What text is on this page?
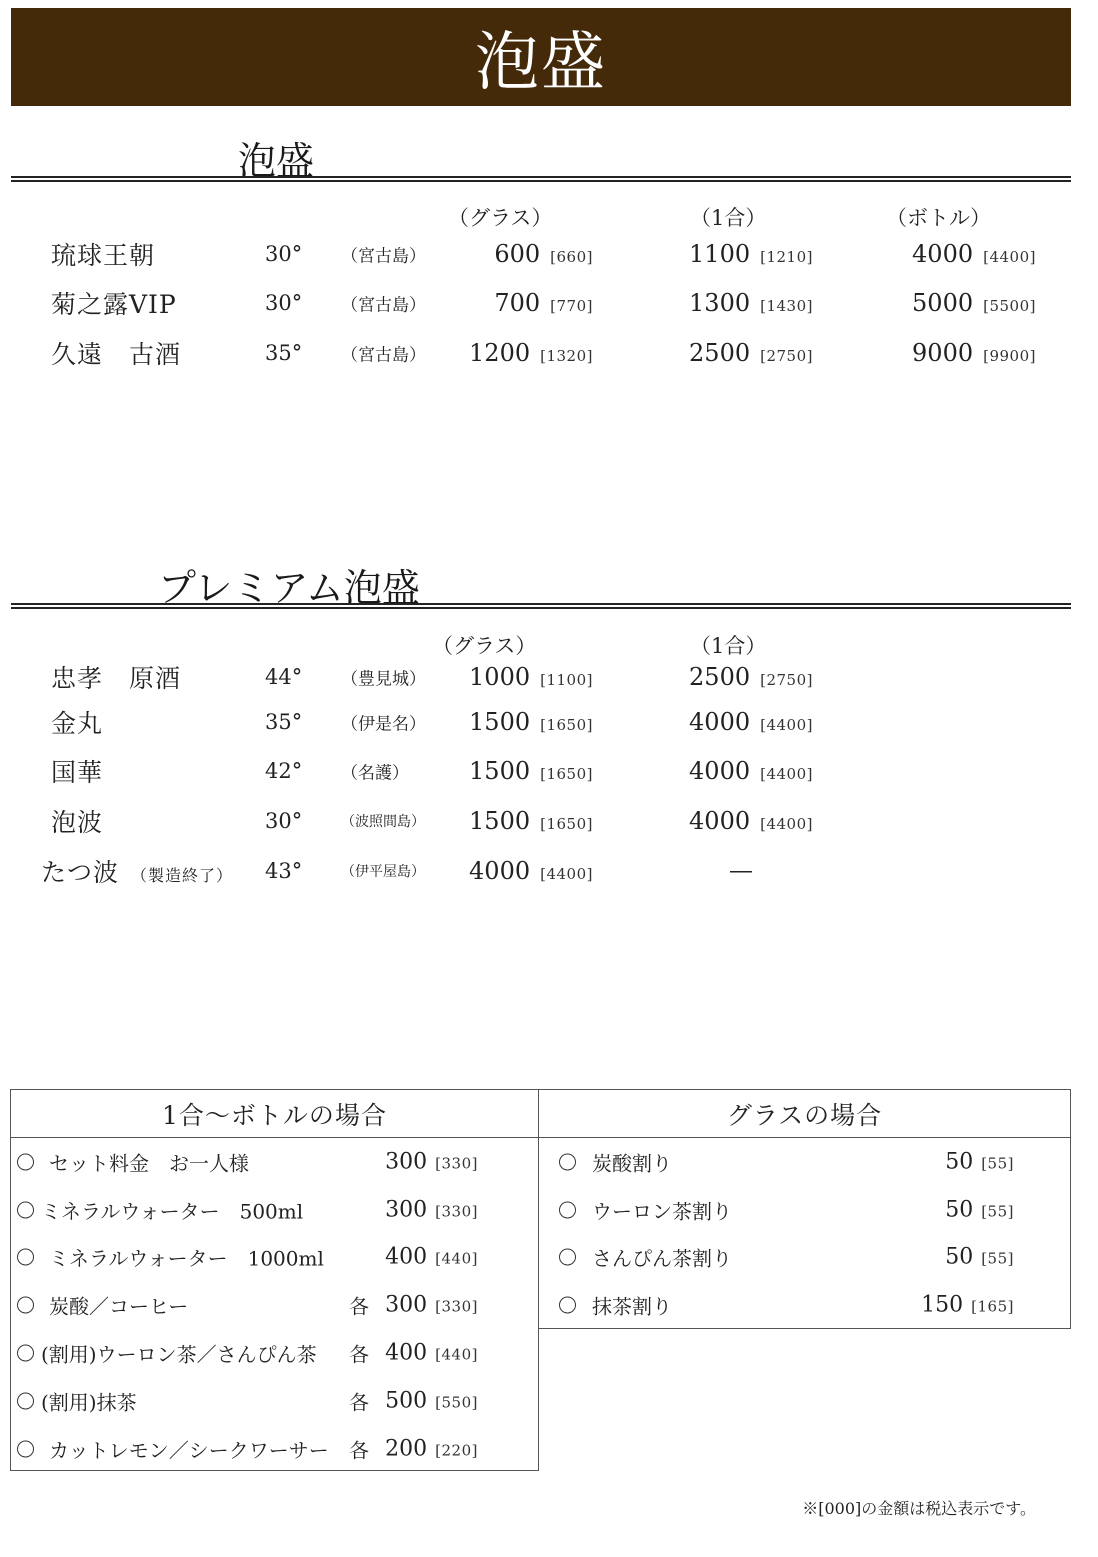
泡盛
泡盛
（グラス）	（1合）	（ボトル）
琉球王朝	30° （宮古島）	600 [660]	1100 [1210]	4000 [4400]
菊之露VIP	30° （宮古島）	700 [770]	1300 [1430]	5000 [5500]
久遠　古酒	35° （宮古島） 1200 [1320]	2500 [2750]	9000 [9900]
プレミアム泡盛
（グラス）	（1合）
忠孝　原酒	44° （豊見城） 1000 [1100]	2500 [2750]
金丸	35° （伊是名） 1500 [1650]	4000 [4400]
国華	42° （名護）	1500 [1650]	4000 [4400]
泡波	30°	（波照間島） 1500 [1650]	4000 [4400]
たつ波 （製造終了） 43°	（伊平屋島） 4000 [4400]	―
1合～ボトルの場合
セット料金　お一人様	300 [330]
ミネラルウォーター　500ml	300 [330]
ミネラルウォーター　1000ml	400 [440]
炭酸／コーヒー	各 300 [330]
(割用)ウーロン茶／さんぴん茶 各 400 [440]
(割用)抹茶	各 500 [550]
カットレモン／シークワーサー 各 200 [220]
グラスの場合
炭酸割り	50 [55]
ウーロン茶割り	50 [55]
さんぴん茶割り	50 [55]
抹茶割り	150 [165]
※[000]の金額は税込表示です。
